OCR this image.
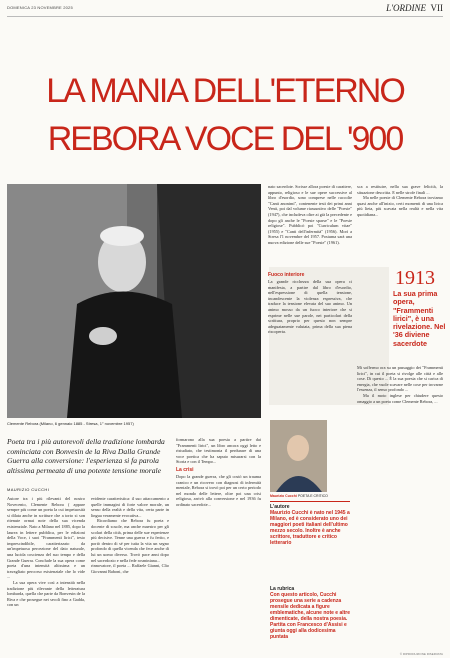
DOMENICA 23 NOVEMBRE 2025	L'ORDINE VII
LA MANIA DELL'ETERNO
REBORA VOCE DEL '900
Clemente Rebora (Milano, 6 gennaio 1885 - Stresa, 1° novembre 1957)
Poeta tra i più autorevoli della tradizione lombarda cominciata con Bonvesin de la Riva Dalla Grande Guerra alla conversione: l'esperienza si fa parola altissima permeata di una potente tensione morale
MAURIZIO CUCCHI

Autore tra i più rilevanti del nostro Novecento, Clemente Rebora ( appare sempre più come un poeta la cui impetuosità si dilata anche in scritture che a torto si son ritenute ormai note della sua vicenda esistenziale. Nato a Milano nel 1885, dopo la laurea in lettere pubblica, per le edizioni della Voce, i suoi "Frammenti lirici", testo imprescindibile, caratterizzato da un'impetuosa percezione del dato naturale, una lucida coscienza del suo tempo e della Grande Guerra. Conclude la sua opera come poeta d'una intensità altissima e un travagliato percorso esistenziale che lo vide ...

La sua opera vive così a intensità nella tradizione più rilevante della letteratura lombarda, quella che parte da Bonvesin de la Riva e che prosegue nei secoli fino a Gadda, con un

evidente caratteristica: il suo attaccamento a quelle immagini di forte valore morale, un senso della realtà e della vita, certa parte in lingua veramente evocativa...

Ricordiamo che Rebora fu poeta e docente di scuole, ma anche maestro per gli scolari della città, prima delle sue esperienze più decisive. Tenne una guerra e fu ferito, e portò dentro di sé per tutta la vita un segno profondo di quella vicenda che fece anche di lui un uomo diverso. Trovò pace anni dopo nel sacerdozio e nella fede rosminiana...

rinnovatore, il poeta ... Raffaele Gianni, Clio Giovanni Raboni, che

formarono alla sua poesia a partire dai "Frammenti lirici", un libro ancora oggi letto e ristudiato, che testimonia il perdurare di una voce poetica che ha saputo misurarsi con la Storia e con il Tempo...

La crisi

Dopo la grande guerra, che gli costò un trauma cranico e un ricovero con diagnosi di infermità mentale, Rebora si trovò poi per un certo periodo nel mondo delle lettere, oltre poi una crisi religiosa, arrivò alla conversione e nel 1936 fu ordinato sacerdote...

nato sacerdote. Scrisse allora poesie di carattere, appunto, religioso e le sue opere successive al libro d'esordio, sono comprese nelle raccolte "Canti anonimi", contenente testi dei primi anni Venti, poi dal volume riassuntivo delle "Poesie" (1947), che includeva oltre ai già la precedente e dopo gli anche le "Poesie sparse" e le "Poesie religiose". Pubblicò poi "Curriculum vitae" (1955) e "Canti dell'infermità" (1956). Morì a Stresa l'1 novembre del 1957. Postuma sarà una nuova edizione delle sue "Poesie" (1961).

sca a restituire, nella sua grave felicità, la situazione descritta. E nelle strofe finali ...

Ma nelle poesie di Clemente Rebora troviamo quasi anche all'inizio, certi momenti di una lirica più lieta, più scavata nella realtà e nella vita quotidiana...

Fuoco interiore

La grande ricchezza della sua opera ci manifesta, a partire dal libro d'esordio, nell'espressione di quella tensione, incandescente la violenza espressiva, che traduce la tensione elevata del suo animo. Un animo mosso da un fuoco interiore che si esprime nelle sue parole, nei particolari della scrittura, proprio per questo non sempre adeguatamente valutata, prima della sua piena riscoperta.

Mi soffermo ora su un passaggio dei "Frammenti lirici", in cui il poeta si rivolge alle città e alle cose. Di questo ... È la sua poesia che si carica di energia, che vuole scavare nelle cose per trovarne l'essenza, il senso profondo ...

Ma il moto inglese per chiudere questo omaggio a un poeta come Clemente Rebora, ...

1913
La sua prima opera, "Frammenti lirici", è una rivelazione. Nel '36 diviene sacerdote
Maurizio Cucchi POETA E CRITICO
L'autore
Maurizio Cucchi è nato nel 1945 a Milano, ed è considerato uno dei maggiori poeti italiani dell'ultimo mezzo secolo. Inoltre è anche scrittore, traduttore e critico letterario
La rubrica
Con questo articolo, Cucchi prosegue una serie a cadenza mensile dedicata a figure emblematiche, alcune note e altre dimenticate, della nostra poesia. Partita con Francesco d'Assisi e giunta oggi alla dodicesima puntata
© RIPRODUZIONE RISERVATA
